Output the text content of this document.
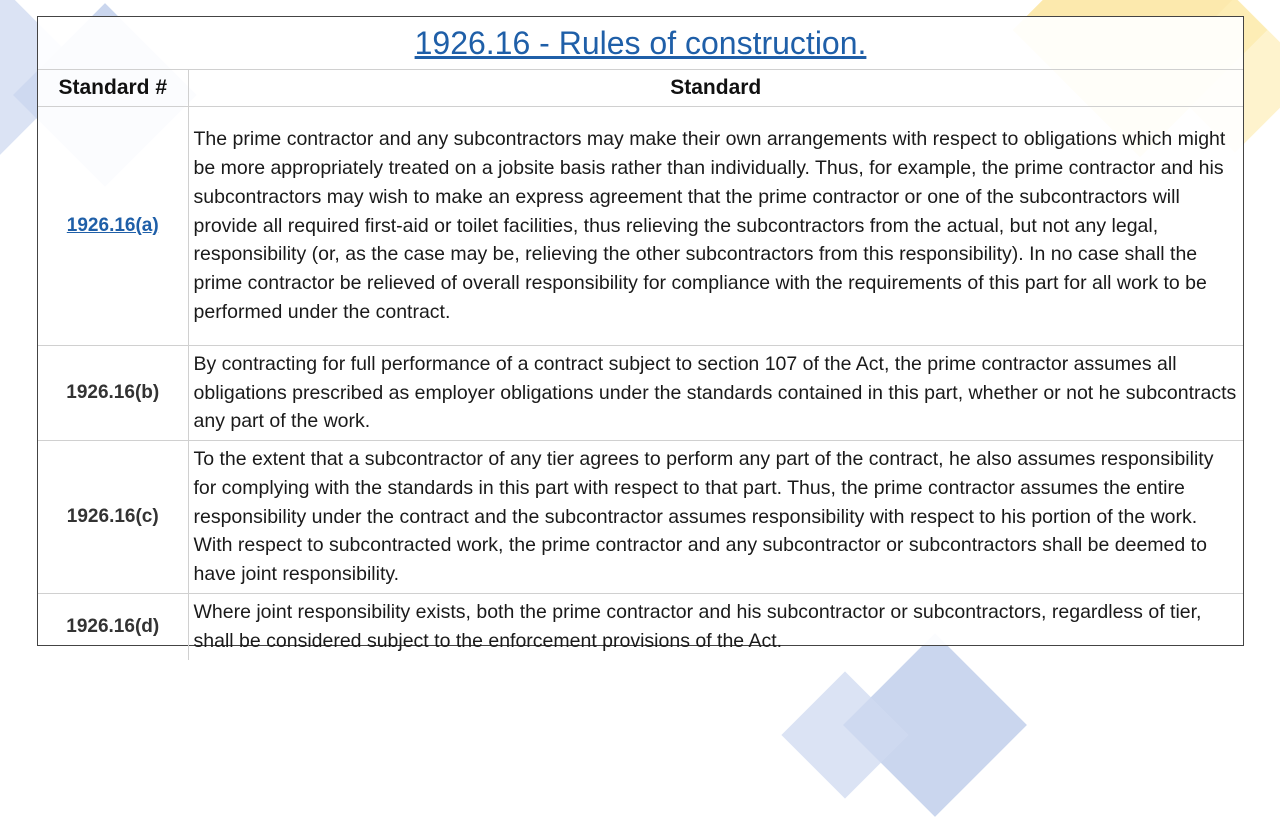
1926.16 - Rules of construction.
Standard #	Standard
1926.16(a)	The prime contractor and any subcontractors may make their own arrangements with respect to obligations which might be more appropriately treated on a jobsite basis rather than individually. Thus, for example, the prime contractor and his subcontractors may wish to make an express agreement that the prime contractor or one of the subcontractors will provide all required first-aid or toilet facilities, thus relieving the subcontractors from the actual, but not any legal, responsibility (or, as the case may be, relieving the other subcontractors from this responsibility). In no case shall the prime contractor be relieved of overall responsibility for compliance with the requirements of this part for all work to be performed under the contract.
1926.16(b)	By contracting for full performance of a contract subject to section 107 of the Act, the prime contractor assumes all obligations prescribed as employer obligations under the standards contained in this part, whether or not he subcontracts any part of the work.
1926.16(c)	To the extent that a subcontractor of any tier agrees to perform any part of the contract, he also assumes responsibility for complying with the standards in this part with respect to that part. Thus, the prime contractor assumes the entire responsibility under the contract and the subcontractor assumes responsibility with respect to his portion of the work. With respect to subcontracted work, the prime contractor and any subcontractor or subcontractors shall be deemed to have joint responsibility.
1926.16(d)	Where joint responsibility exists, both the prime contractor and his subcontractor or subcontractors, regardless of tier, shall be considered subject to the enforcement provisions of the Act.
